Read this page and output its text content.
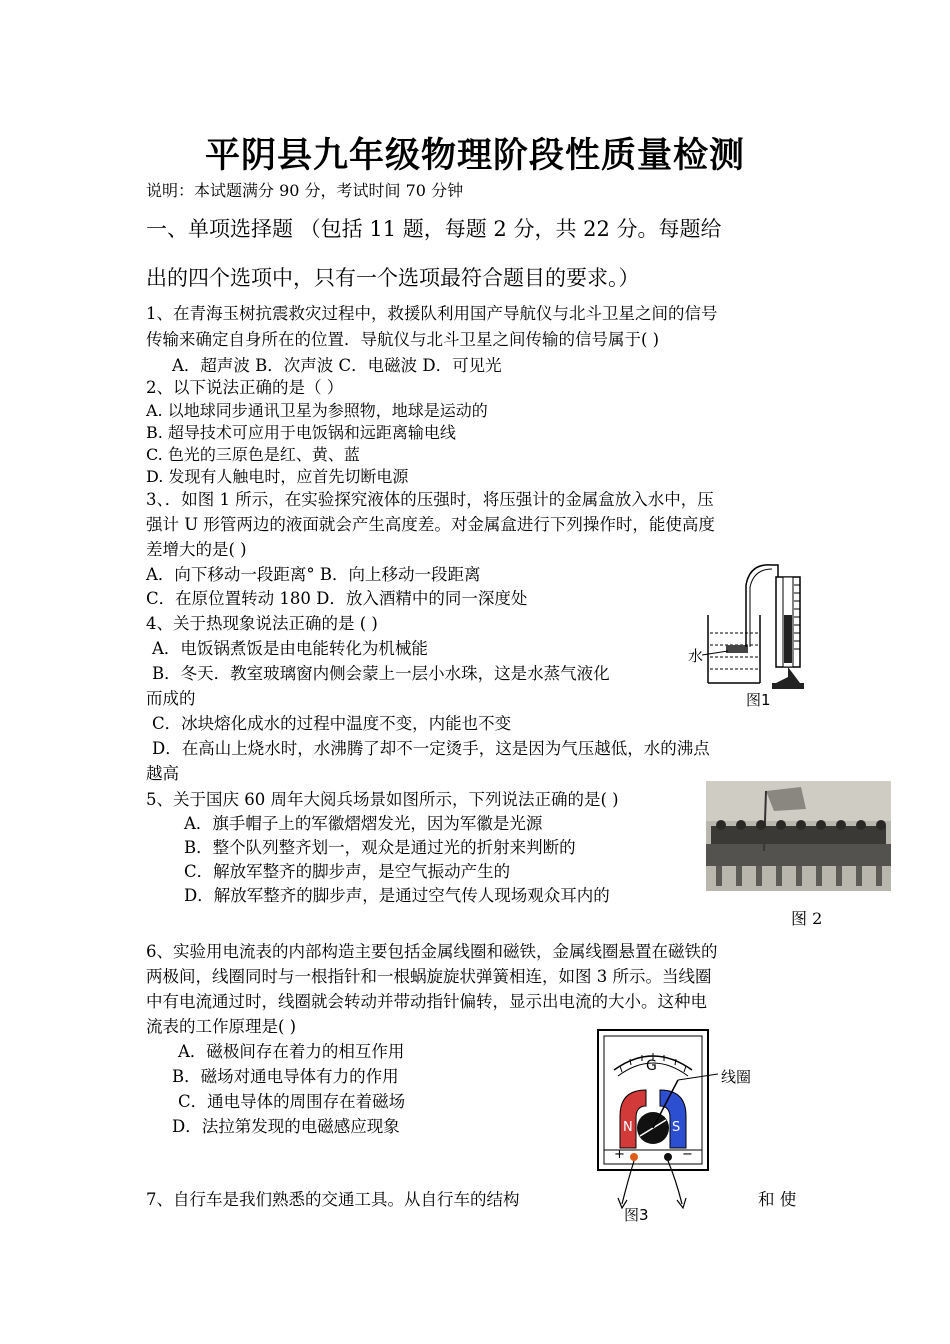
平阴县九年级物理阶段性质量检测
说明：本试题满分 90 分，考试时间 70 分钟
一、单项选择题 （包括 11 题，每题 2 分，共 22 分。每题给
出的四个选项中，只有一个选项最符合题目的要求。）
1、在青海玉树抗震救灾过程中，救援队利用国产导航仪与北斗卫星之间的信号
传输来确定自身所在的位置．导航仪与北斗卫星之间传输的信号属于( )
A．超声波 B．次声波 C．电磁波 D．可见光
2、以下说法正确的是（ ）
A. 以地球同步通讯卫星为参照物，地球是运动的
B. 超导技术可应用于电饭锅和远距离输电线
C. 色光的三原色是红、黄、蓝
D. 发现有人触电时，应首先切断电源
3、．如图 1 所示，在实验探究液体的压强时，将压强计的金属盒放入水中，压
强计 U 形管两边的液面就会产生高度差。对金属盒进行下列操作时，能使高度
差增大的是( )
A．向下移动一段距离° B．向上移动一段距离
C．在原位置转动 180 D．放入酒精中的同一深度处
水
图1
4、关于热现象说法正确的是 ( )
A．电饭锅煮饭是由电能转化为机械能
B．冬天．教室玻璃窗内侧会蒙上一层小水珠，这是水蒸气液化
而成的
C．冰块熔化成水的过程中温度不变，内能也不变
D．在高山上烧水时，水沸腾了却不一定烫手，这是因为气压越低，水的沸点
越高
5、关于国庆 60 周年大阅兵场景如图所示，下列说法正确的是( )
A．旗手帽子上的军徽熠熠发光，因为军徽是光源
B．整个队列整齐划一，观众是通过光的折射来判断的
C．解放军整齐的脚步声，是空气振动产生的
D．解放军整齐的脚步声，是通过空气传人现场观众耳内的
图 2
6、实验用电流表的内部构造主要包括金属线圈和磁铁，金属线圈悬置在磁铁的
两极间，线圈同时与一根指针和一根蜗旋旋状弹簧相连，如图 3 所示。当线圈
中有电流通过时，线圈就会转动并带动指针偏转，显示出电流的大小。这种电
流表的工作原理是( )
A．磁极间存在着力的相互作用
B．磁场对通电导体有力的作用
C．通电导体的周围存在着磁场
D．法拉第发现的电磁感应现象
G
线圈
N	S
+	−
图3
7、自行车是我们熟悉的交通工具。从自行车的结构	和 使
